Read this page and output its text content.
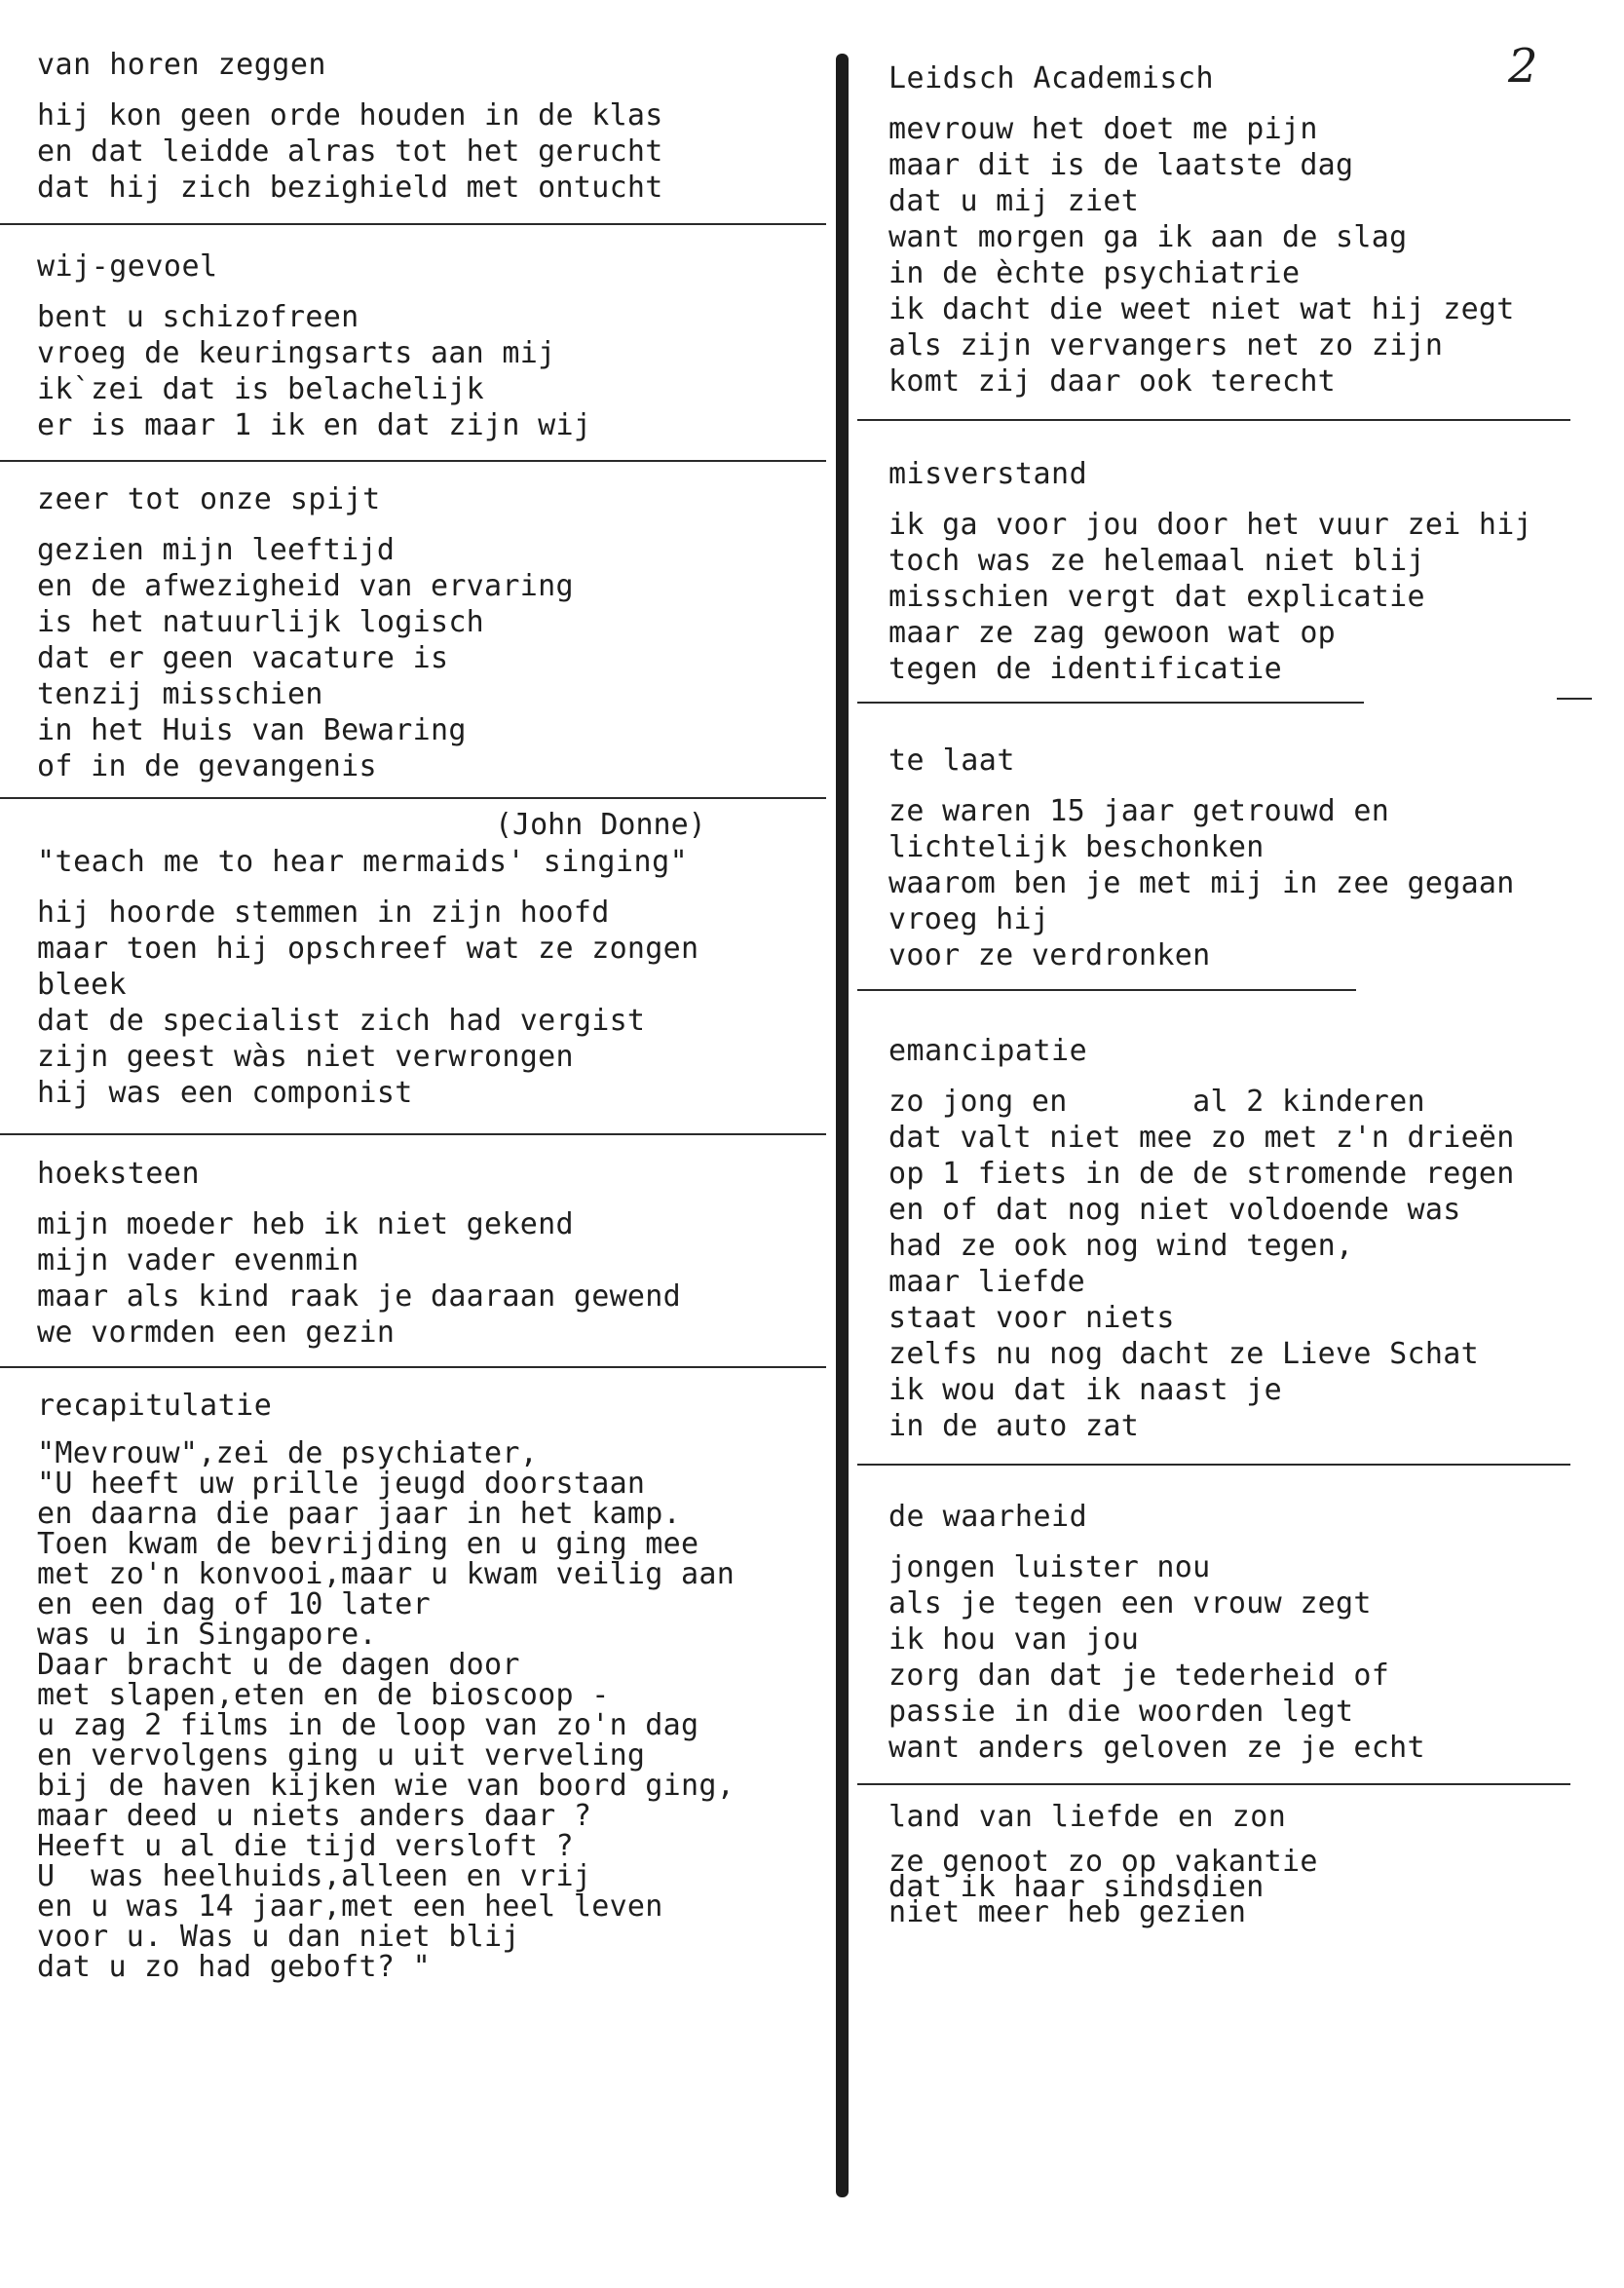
2
van horen zeggen
hij kon geen orde houden in de klas
en dat leidde alras tot het gerucht
dat hij zich bezighield met ontucht
wij-gevoel
bent u schizofreen
vroeg de keuringsarts aan mij
ik`zei dat is belachelijk
er is maar 1 ik en dat zijn wij
zeer tot onze spijt
gezien mijn leeftijd
en de afwezigheid van ervaring
is het natuurlijk logisch
dat er geen vacature is
tenzij misschien
in het Huis van Bewaring
of in de gevangenis
(John Donne)
"teach me to hear mermaids' singing"
hij hoorde stemmen in zijn hoofd
maar toen hij opschreef wat ze zongen
bleek
dat de specialist zich had vergist
zijn geest wàs niet verwrongen
hij was een componist
hoeksteen
mijn moeder heb ik niet gekend
mijn vader evenmin
maar als kind raak je daaraan gewend
we vormden een gezin
recapitulatie
"Mevrouw",zei de psychiater,
"U heeft uw prille jeugd doorstaan
en daarna die paar jaar in het kamp.
Toen kwam de bevrijding en u ging mee
met zo'n konvooi,maar u kwam veilig aan
en een dag of 10 later
was u in Singapore.
Daar bracht u de dagen door
met slapen,eten en de bioscoop -
u zag 2 films in de loop van zo'n dag
en vervolgens ging u uit verveling
bij de haven kijken wie van boord ging,
maar deed u niets anders daar ?
Heeft u al die tijd versloft ?
U  was heelhuids,alleen en vrij
en u was 14 jaar,met een heel leven
voor u. Was u dan niet blij
dat u zo had geboft? "
Leidsch Academisch
mevrouw het doet me pijn
maar dit is de laatste dag
dat u mij ziet
want morgen ga ik aan de slag
in de èchte psychiatrie
ik dacht die weet niet wat hij zegt
als zijn vervangers net zo zijn
komt zij daar ook terecht
misverstand
ik ga voor jou door het vuur zei hij
toch was ze helemaal niet blij
misschien vergt dat explicatie
maar ze zag gewoon wat op
tegen de identificatie
te laat
ze waren 15 jaar getrouwd en
lichtelijk beschonken
waarom ben je met mij in zee gegaan
vroeg hij
voor ze verdronken
emancipatie
zo jong en       al 2 kinderen
dat valt niet mee zo met z'n drieën
op 1 fiets in de de stromende regen
en of dat nog niet voldoende was
had ze ook nog wind tegen,
maar liefde
staat voor niets
zelfs nu nog dacht ze Lieve Schat
ik wou dat ik naast je
in de auto zat
de waarheid
jongen luister nou
als je tegen een vrouw zegt
ik hou van jou
zorg dan dat je tederheid of
passie in die woorden legt
want anders geloven ze je echt
land van liefde en zon
ze genoot zo op vakantie
dat ik haar sindsdien
niet meer heb gezien
